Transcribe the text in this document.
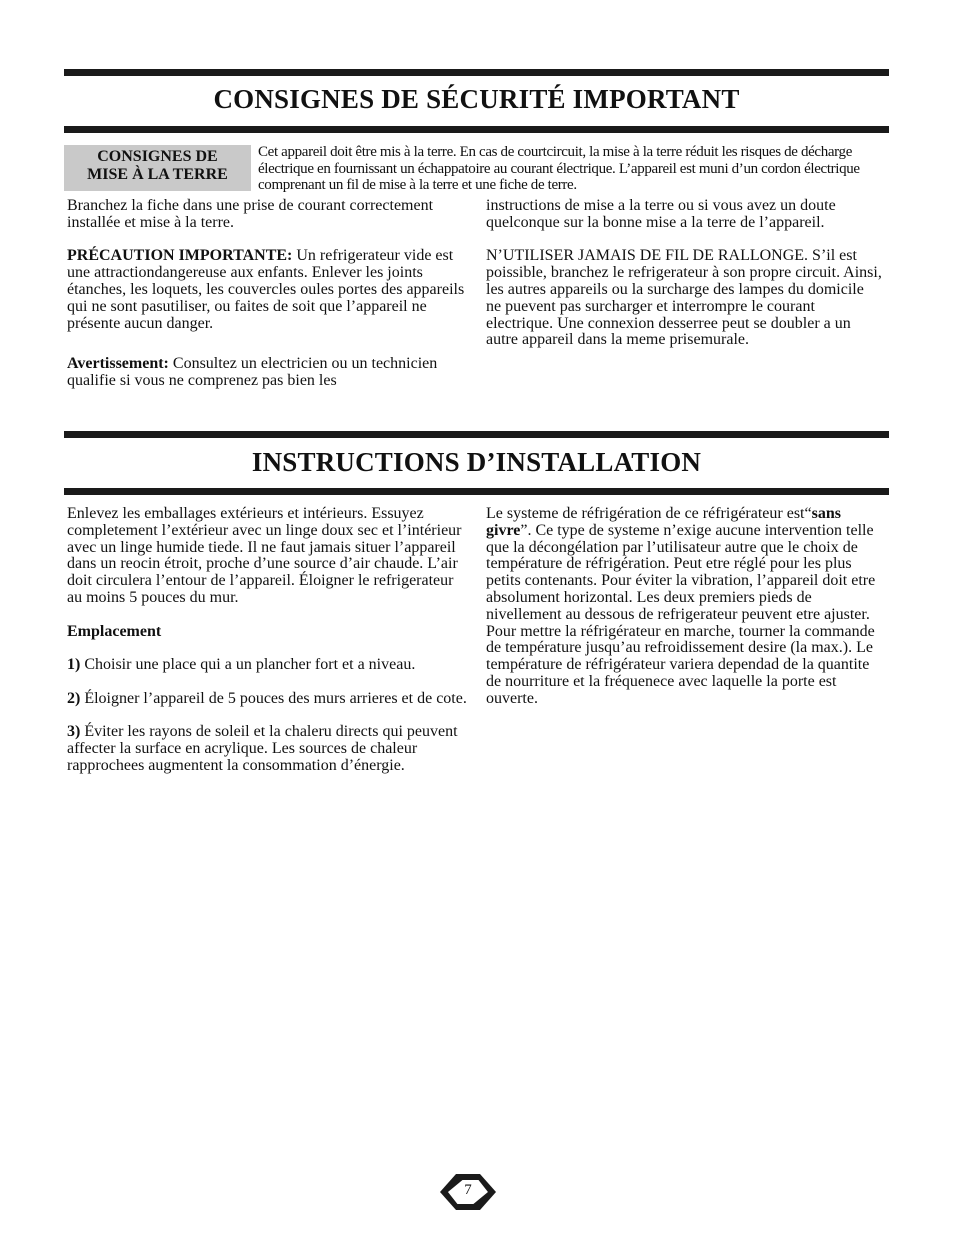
CONSIGNES DE SÉCURITÉ IMPORTANT
CONSIGNES DE
MISE À LA TERRE
Cet appareil doit être mis à la terre. En cas de courtcircuit, la mise à la terre réduit les risques de décharge électrique en fournissant un échappatoire au courant électrique. L’appareil est muni d’un cordon électrique comprenant un fil de mise à la terre et une fiche de terre.

Branchez la fiche dans une prise de courant correctement installée et mise à la terre.

PRÉCAUTION IMPORTANTE: Un refrigerateur vide est une attractiondangereuse aux enfants. Enlever les joints étanches, les loquets, les couvercles oules portes des appareils qui ne sont pasutiliser, ou faites de soit que l’appareil ne présente aucun danger.

Avertissement: Consultez un electricien ou un technicien qualifie si vous ne comprenez pas bien les

instructions de mise a la terre ou si vous avez un doute quelconque sur la bonne mise a la terre de l’appareil.

N’UTILISER JAMAIS DE FIL DE RALLONGE. S’il est poissible, branchez le refrigerateur à son propre circuit. Ainsi, les autres appareils ou la surcharge des lampes du domicile ne puevent pas surcharger et interrompre le courant electrique. Une connexion desserree peut se doubler a un autre appareil dans la meme prisemurale.

INSTRUCTIONS D’INSTALLATION

Enlevez les emballages extérieurs et intérieurs. Essuyez completement l’extérieur avec un linge doux sec et l’intérieur avec un linge humide tiede. Il ne faut jamais situer l’appareil dans un reocin étroit, proche d’une source d’air chaude. L’air doit circulera l’entour de l’appareil. Éloigner le refrigerateur au moins 5 pouces du mur.

Emplacement

1) Choisir une place qui a un plancher fort et a niveau.

2) Éloigner l’appareil de 5 pouces des murs arrieres et de cote.

3) Éviter les rayons de soleil et la chaleru directs qui peuvent affecter la surface en acrylique. Les sources de chaleur rapprochees augmentent la consommation d’énergie.

Le systeme de réfrigération de ce réfrigérateur est“sans givre”. Ce type de systeme n’exige aucune intervention telle que la décongélation par l’utilisateur autre que le choix de température de réfrigération. Peut etre réglé pour les plus petits contenants. Pour éviter la vibration, l’appareil doit etre absolument horizontal. Les deux premiers pieds de nivellement au dessous de refrigerateur peuvent etre ajuster. Pour mettre la réfrigérateur en marche, tourner la commande de température jusqu’au refroidissement desire (la max.). Le température de réfrigérateur variera dependad de la quantite de nourriture et la fréquenece avec laquelle la porte est ouverte.

7
